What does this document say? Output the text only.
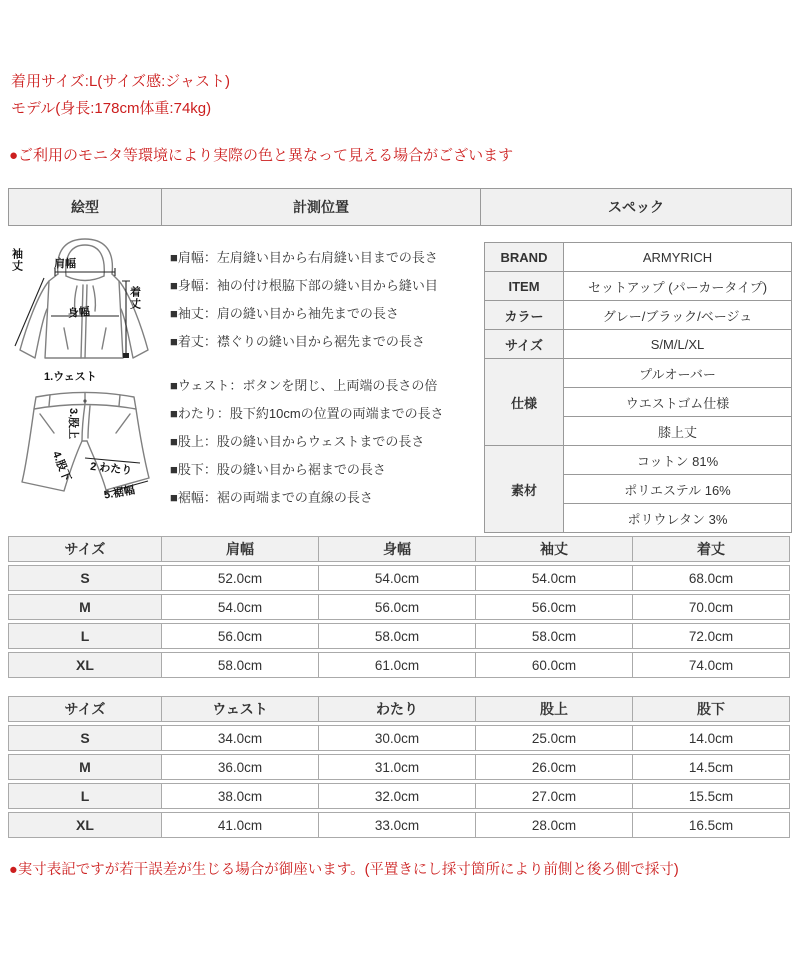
着用サイズ:L(サイズ感:ジャスト)
モデル(身長:178cm体重:74kg)
●ご利用のモニタ等環境により実際の色と異なって見える場合がございます
絵型	計測位置	スペック
袖丈	肩幅
身幅
着丈
1.ウェスト
3.股上
2 わたり
4.股下
5.裾幅
■肩幅：左肩縫い目から右肩縫い目までの長さ
■身幅：袖の付け根脇下部の縫い目から縫い目
■袖丈：肩の縫い目から袖先までの長さ
■着丈：襟ぐりの縫い目から裾先までの長さ
■ウェスト：ボタンを閉じ、上両端の長さの倍
■わたり：股下約10cmの位置の両端までの長さ
■股上：股の縫い目からウェストまでの長さ
■股下：股の縫い目から裾までの長さ
■裾幅：裾の両端までの直線の長さ
BRAND	ARMYRICH
ITEM	セットアップ (パーカータイプ)
カラー	グレー/ブラック/ベージュ
サイズ	S/M/L/XL
仕様	プルオーバー
	ウエストゴム仕様
	膝上丈
素材	コットン 81%
	ポリエステル 16%
	ポリウレタン 3%
サイズ	肩幅	身幅	袖丈	着丈
S	52.0cm	54.0cm	54.0cm	68.0cm
M	54.0cm	56.0cm	56.0cm	70.0cm
L	56.0cm	58.0cm	58.0cm	72.0cm
XL	58.0cm	61.0cm	60.0cm	74.0cm
サイズ	ウェスト	わたり	股上	股下
S	34.0cm	30.0cm	25.0cm	14.0cm
M	36.0cm	31.0cm	26.0cm	14.5cm
L	38.0cm	32.0cm	27.0cm	15.5cm
XL	41.0cm	33.0cm	28.0cm	16.5cm
●実寸表記ですが若干誤差が生じる場合が御座います。(平置きにし採寸箇所により前側と後ろ側で採寸)
